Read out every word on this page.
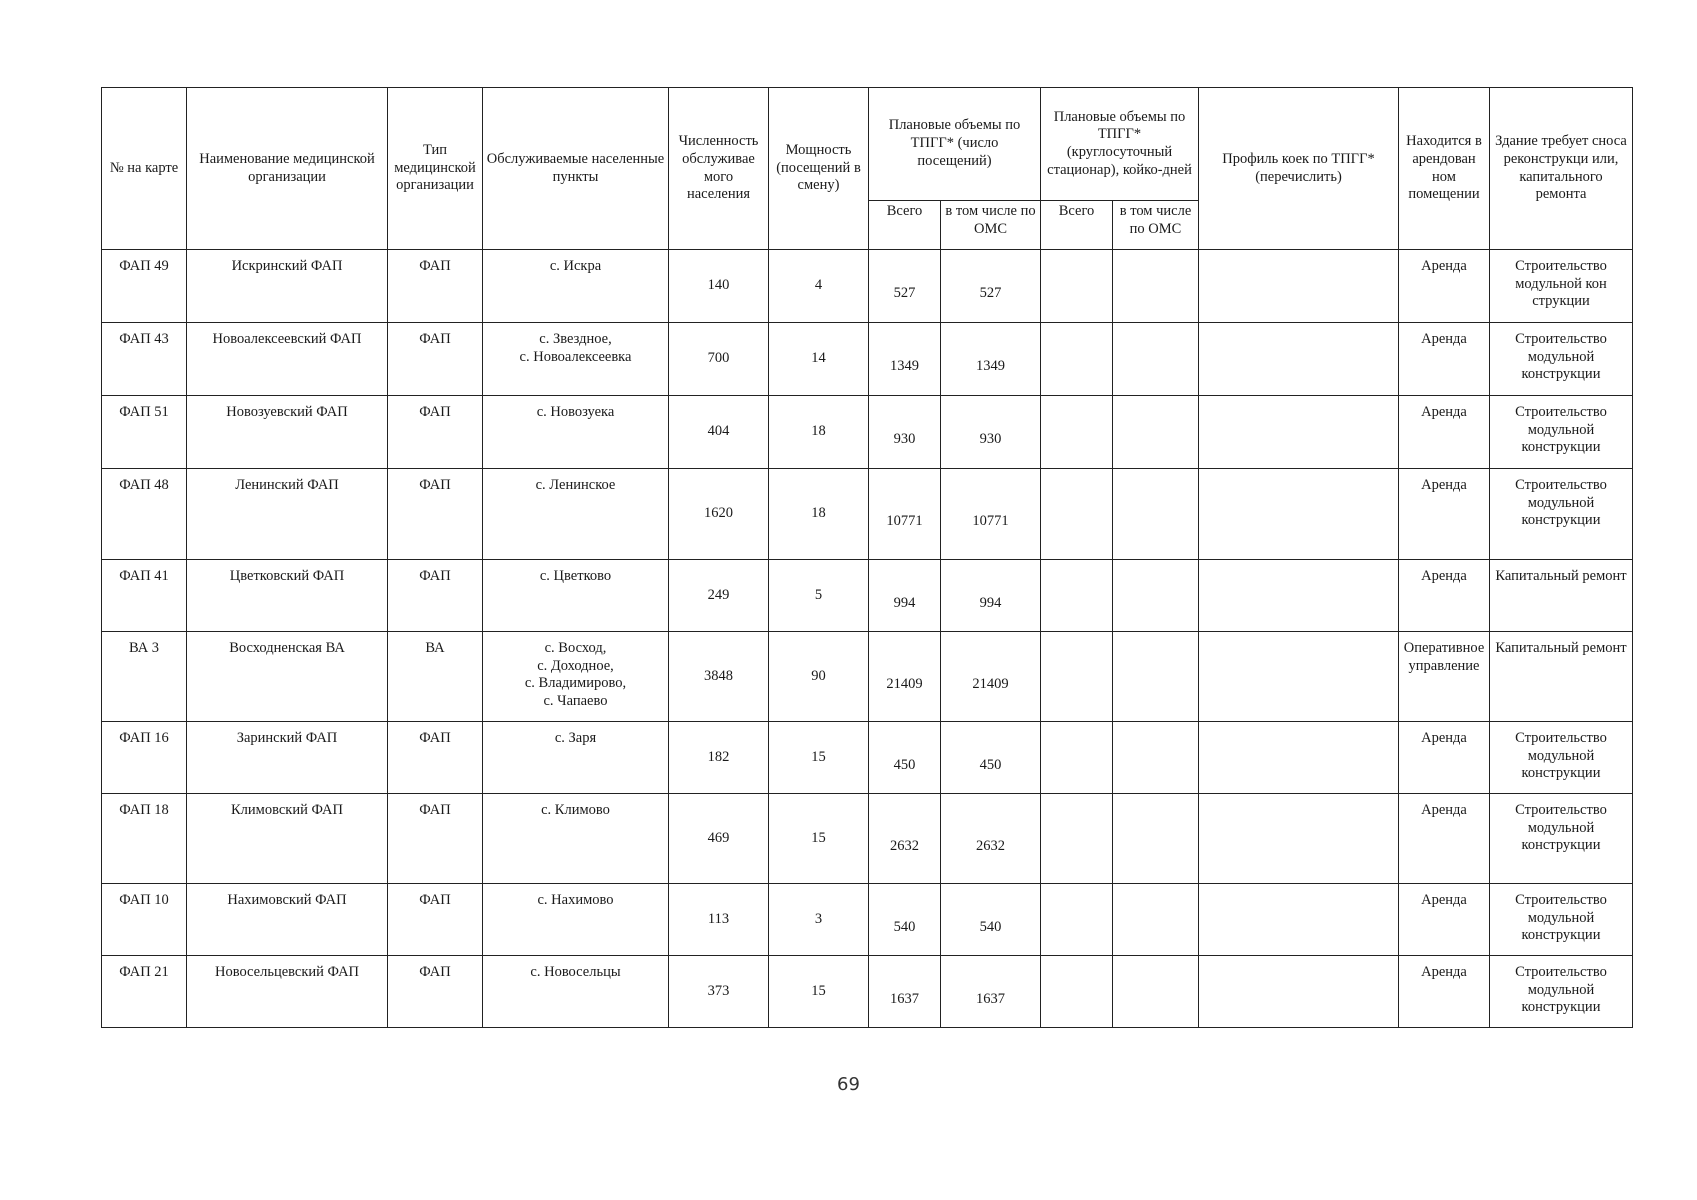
№ на карте	Наименование медицинской организации	Тип медицинской организации	Обслуживаемые населенные пункты	Численность обслуживае мого населения	Мощность (посещений в смену)	Плановые объемы по ТПГГ* (число посещений)		Плановые объемы по ТПГГ* (круглосуточный стационар), койко-дней		Профиль коек по ТПГГ* (перечислить)	Находится в арендован ном помещении	Здание требует сноса реконструкци или, капитального ремонта
						Всего	в том числе по ОМС	Всего	в том числе по ОМС			
ФАП 49	Искринский ФАП	ФАП	с. Искра	140	4	527	527				Аренда	Строительство модульной кон струкции
ФАП 43	Новоалексеевский ФАП	ФАП	с. Звездное,
с. Новоалексеевка	700	14	1349	1349				Аренда	Строительство модульной конструкции
ФАП 51	Новозуевский ФАП	ФАП	с. Новозуека	404	18	930	930				Аренда	Строительство модульной конструкции
ФАП 48	Ленинский ФАП	ФАП	с. Ленинское	1620	18	10771	10771				Аренда	Строительство модульной конструкции
ФАП 41	Цветковский ФАП	ФАП	с. Цветково	249	5	994	994				Аренда	Капитальный ремонт
ВА 3	Восходненская ВА	ВА	с. Восход,
с. Доходное,
с. Владимирово,
с. Чапаево	3848	90	21409	21409				Оперативное управление	Капитальный ремонт
ФАП 16	Заринский ФАП	ФАП	с. Заря	182	15	450	450				Аренда	Строительство модульной конструкции
ФАП 18	Климовский ФАП	ФАП	с. Климово	469	15	2632	2632				Аренда	Строительство модульной конструкции
ФАП 10	Нахимовский ФАП	ФАП	с. Нахимово	113	3	540	540				Аренда	Строительство модульной конструкции
ФАП 21	Новосельцевский ФАП	ФАП	с. Новосельцы	373	15	1637	1637				Аренда	Строительство модульной конструкции
69
